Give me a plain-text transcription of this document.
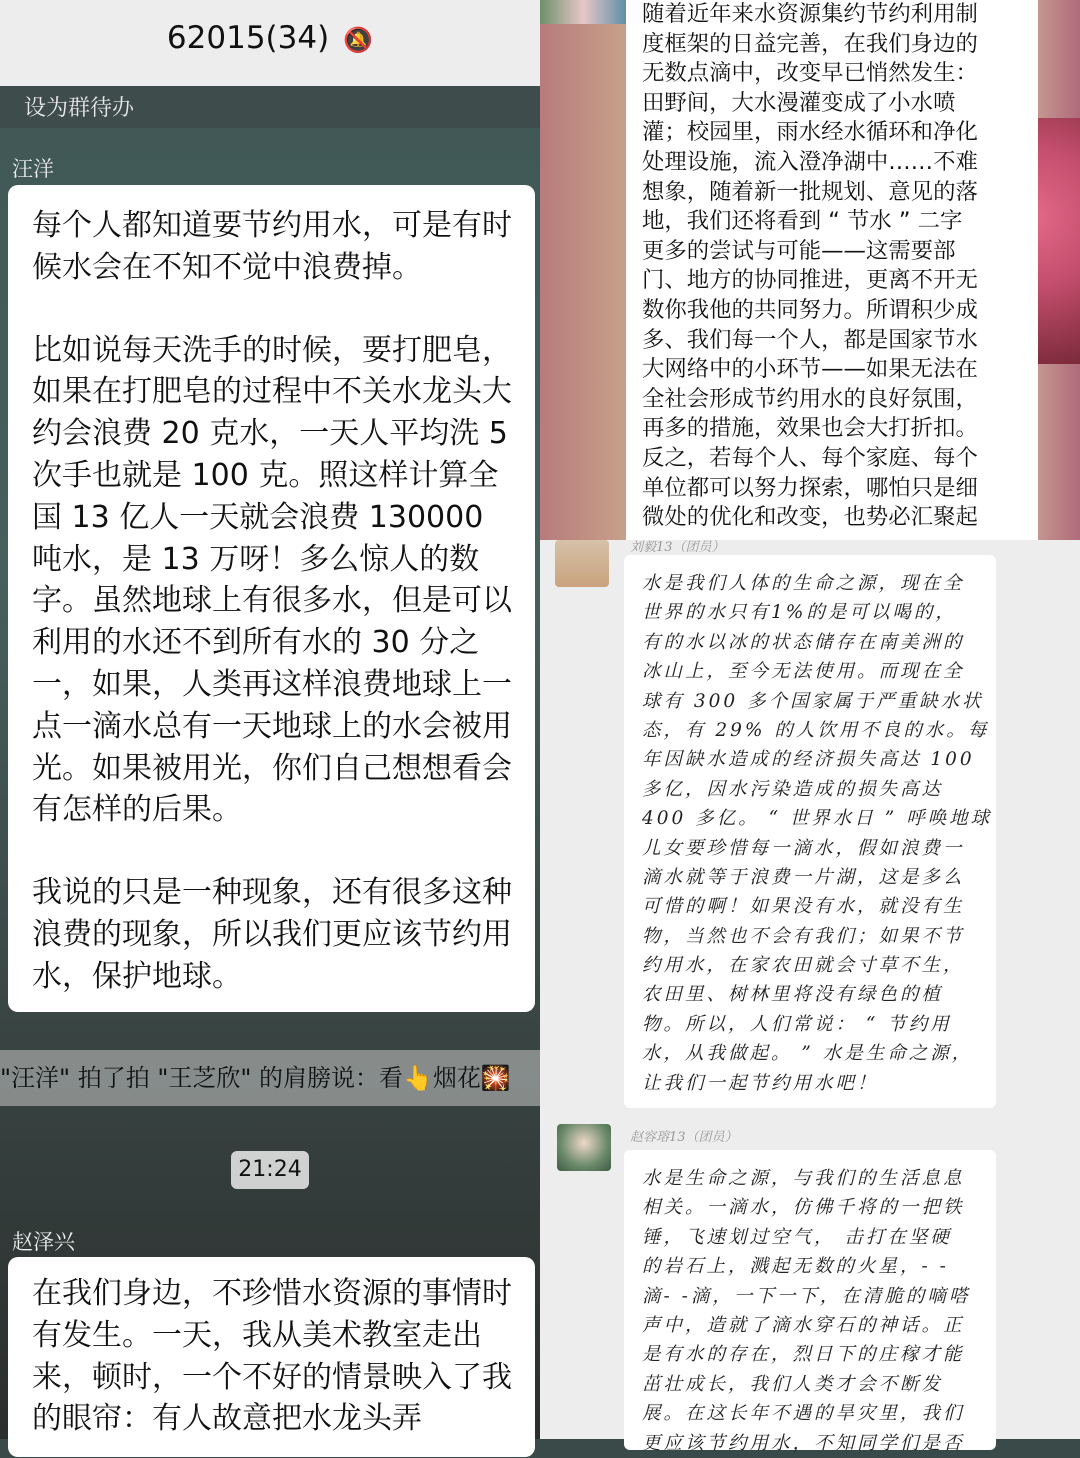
62015(34) 🔕
设为群待办
汪洋

每个人都知道要节约用水，可是有时候水会在不知不觉中浪费掉。

比如说每天洗手的时候，要打肥皂，如果在打肥皂的过程中不关水龙头大约会浪费 20 克水，一天人平均洗 5 次手也就是 100 克。照这样计算全国 13 亿人一天就会浪费 130000 吨水，是 13 万呀！多么惊人的数字。虽然地球上有很多水，但是可以利用的水还不到所有水的 30 分之一，如果，人类再这样浪费地球上一点一滴水总有一天地球上的水会被用光。如果被用光，你们自己想想看会有怎样的后果。

我说的只是一种现象，还有很多这种浪费的现象，所以我们更应该节约用水，保护地球。

"汪洋" 拍了拍 "王芝欣" 的肩膀说：看👆烟花🎇
21:24
赵泽兴

在我们身边，不珍惜水资源的事情时有发生。一天，我从美术教室走出来，顿时，一个不好的情景映入了我的眼帘：有人故意把水龙头弄

随着近年来水资源集约节约利用制
度框架的日益完善，在我们身边的
无数点滴中，改变早已悄然发生：
田野间，大水漫灌变成了小水喷
灌；校园里，雨水经水循环和净化
处理设施，流入澄净湖中……不难
想象，随着新一批规划、意见的落
地，我们还将看到 “ 节水 ” 二字
更多的尝试与可能——这需要部
门、地方的协同推进，更离不开无
数你我他的共同努力。所谓积少成
多、我们每一个人，都是国家节水
大网络中的小环节——如果无法在
全社会形成节约用水的良好氛围，
再多的措施，效果也会大打折扣。
反之，若每个人、每个家庭、每个
单位都可以努力探索，哪怕只是细
微处的优化和改变，也势必汇聚起
刘毅13（团员）
水是我们人体的生命之源，现在全
世界的水只有1%的是可以喝的，
有的水以冰的状态储存在南美洲的
冰山上，至今无法使用。而现在全
球有 300 多个国家属于严重缺水状
态，有 29% 的人饮用不良的水。每
年因缺水造成的经济损失高达 100
多亿，因水污染造成的损失高达
400 多亿。 “ 世界水日 ” 呼唤地球
儿女要珍惜每一滴水，假如浪费一
滴水就等于浪费一片湖，这是多么
可惜的啊！如果没有水，就没有生
物，当然也不会有我们；如果不节
约用水，在家农田就会寸草不生，
农田里、树林里将没有绿色的植
物。所以，人们常说： “ 节约用
水，从我做起。 ” 水是生命之源，
让我们一起节约用水吧！
赵容瑢13（团员）
水是生命之源，与我们的生活息息
相关。一滴水，仿佛千将的一把铁
锤，飞速划过空气， 击打在坚硬
的岩石上，溅起无数的火星，- -
滴- -滴，一下一下，在清脆的嘀嗒
声中，造就了滴水穿石的神话。正
是有水的存在，烈日下的庄稼才能
茁壮成长，我们人类才会不断发
展。在这长年不遇的旱灾里，我们
更应该节约用水，不知同学们是否
